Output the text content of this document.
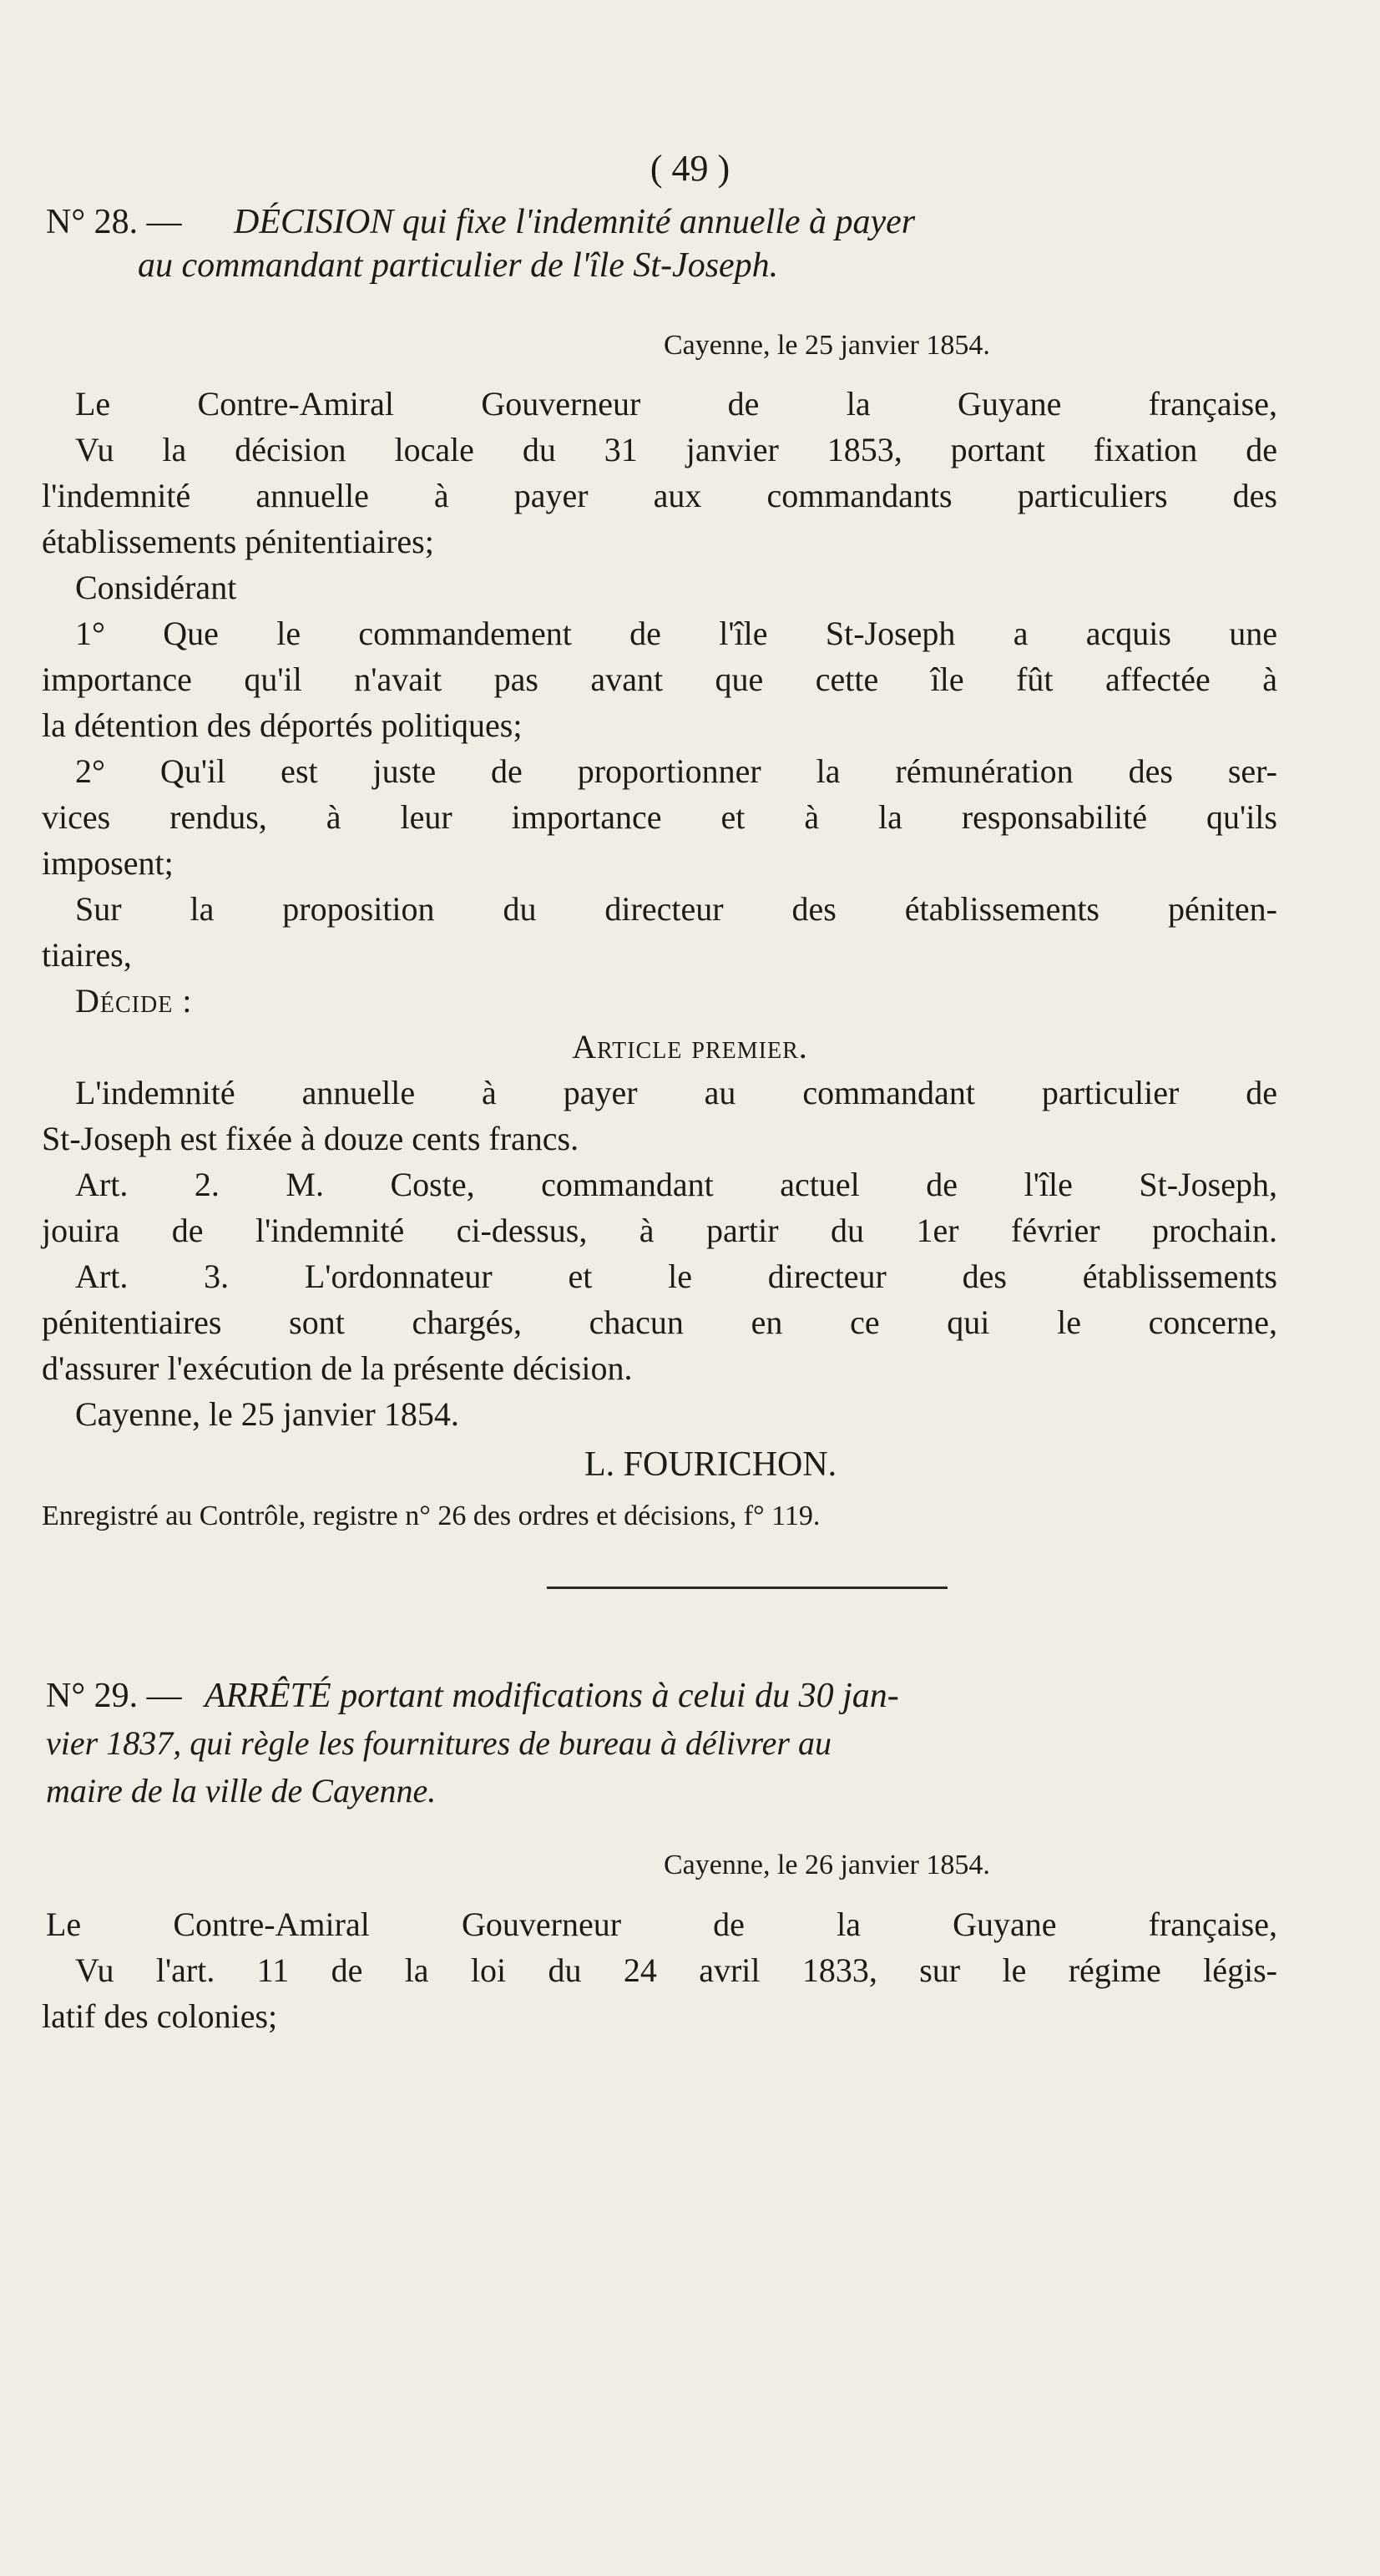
( 49 )
N° 28. — DÉCISION qui fixe l'indemnité annuelle à payer
au commandant particulier de l'île St-Joseph.
Cayenne, le 25 janvier 1854.
Le Contre-Amiral Gouverneur de la Guyane française,
Vu la décision locale du 31 janvier 1853, portant fixation de
l'indemnité annuelle à payer aux commandants particuliers des
établissements pénitentiaires;
Considérant
1° Que le commandement de l'île St-Joseph a acquis une
importance qu'il n'avait pas avant que cette île fût affectée à
la détention des déportés politiques;
2° Qu'il est juste de proportionner la rémunération des ser-
vices rendus, à leur importance et à la responsabilité qu'ils
imposent;
Sur la proposition du directeur des établissements péniten-
tiaires,
Décide :
Article premier.
L'indemnité annuelle à payer au commandant particulier de
St-Joseph est fixée à douze cents francs.
Art. 2. M. Coste, commandant actuel de l'île St-Joseph,
jouira de l'indemnité ci-dessus, à partir du 1er février prochain.
Art. 3. L'ordonnateur et le directeur des établissements
pénitentiaires sont chargés, chacun en ce qui le concerne,
d'assurer l'exécution de la présente décision.
Cayenne, le 25 janvier 1854.
L. FOURICHON.
Enregistré au Contrôle, registre n° 26 des ordres et décisions, f° 119.
N° 29. — ARRÊTÉ portant modifications à celui du 30 jan-
vier 1837, qui règle les fournitures de bureau à délivrer au
maire de la ville de Cayenne.
Cayenne, le 26 janvier 1854.
Le Contre-Amiral Gouverneur de la Guyane française,
Vu l'art. 11 de la loi du 24 avril 1833, sur le régime légis-
latif des colonies;
